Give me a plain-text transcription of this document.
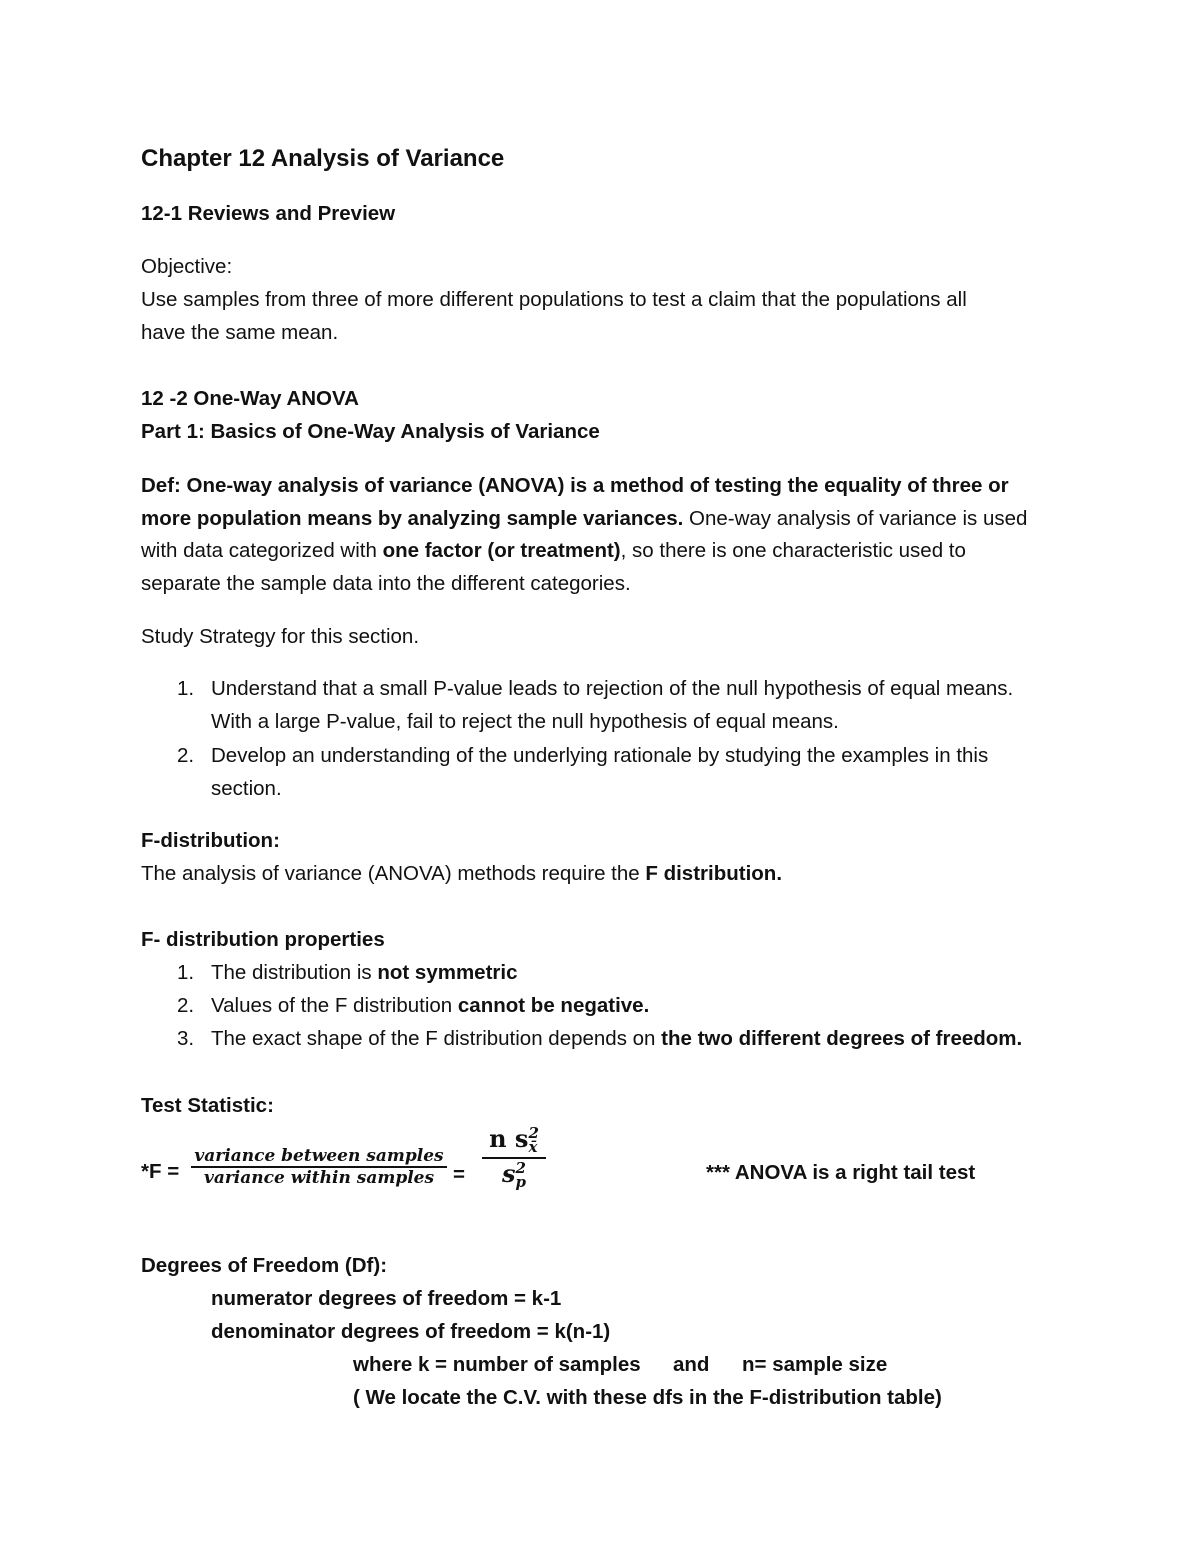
Chapter 12 Analysis of Variance
12-1 Reviews and Preview
Objective:
Use samples from three of more different populations to test a claim that the populations all
have the same mean.
12 -2 One-Way ANOVA
Part 1: Basics of One-Way Analysis of Variance
Def: One-way analysis of variance (ANOVA) is a method of testing the equality of three or
more population means by analyzing sample variances. One-way analysis of variance is used
with data categorized with one factor (or treatment), so there is one characteristic used to
separate the sample data into the different categories.
Study Strategy for this section.
1. Understand that a small P-value leads to rejection of the null hypothesis of equal means.
With a large P-value, fail to reject the null hypothesis of equal means.
2. Develop an understanding of the underlying rationale by studying the examples in this
section.
F-distribution:
The analysis of variance (ANOVA) methods require the F distribution.
F- distribution properties
1. The distribution is not symmetric
2. Values of the F distribution cannot be negative.
3. The exact shape of the F distribution depends on the two different degrees of freedom.
Test Statistic:
*F =
variance between samples
variance within samples =
n s 2
x̄
s 2
p	*** ANOVA is a right tail test
Degrees of Freedom (Df):
numerator degrees of freedom = k-1
denominator degrees of freedom = k(n-1)
where k = number of samples and n= sample size
( We locate the C.V. with these dfs in the F-distribution table)
